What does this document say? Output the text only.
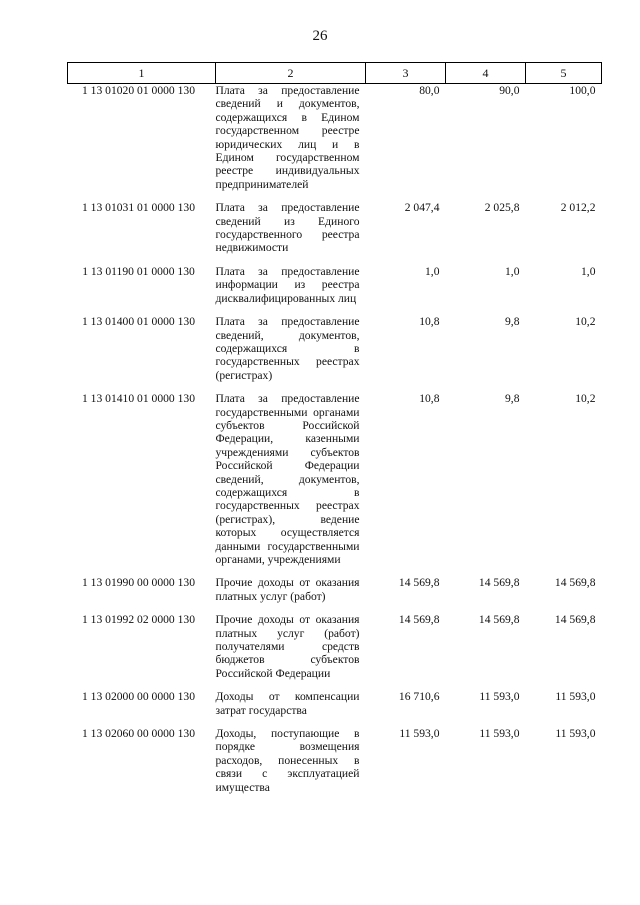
26
1	2	3	4	5
1 13 01020 01 0000 130	Плата за предоставление сведений и документов, содержащихся в Едином государственном реестре юридических лиц и в Едином государственном реестре индивидуальных предпринимателей	80,0	90,0	100,0
1 13 01031 01 0000 130	Плата за предоставление сведений из Единого государственного реестра недвижимости	2 047,4	2 025,8	2 012,2
1 13 01190 01 0000 130	Плата за предоставление информации из реестра дисквалифицированных лиц	1,0	1,0	1,0
1 13 01400 01 0000 130	Плата за предоставление сведений, документов, содержащихся в государственных реестрах (регистрах)	10,8	9,8	10,2
1 13 01410 01 0000 130	Плата за предоставление государственными органами субъектов Российской Федерации, казенными учреждениями субъектов Российской Федерации сведений, документов, содержащихся в государственных реестрах (регистрах), ведение которых осуществляется данными государственными органами, учреждениями	10,8	9,8	10,2
1 13 01990 00 0000 130	Прочие доходы от оказания платных услуг (работ)	14 569,8	14 569,8	14 569,8
1 13 01992 02 0000 130	Прочие доходы от оказания платных услуг (работ) получателями средств бюджетов субъектов Российской Федерации	14 569,8	14 569,8	14 569,8
1 13 02000 00 0000 130	Доходы от компенсации затрат государства	16 710,6	11 593,0	11 593,0
1 13 02060 00 0000 130	Доходы, поступающие в порядке возмещения расходов, понесенных в связи с эксплуатацией имущества	11 593,0	11 593,0	11 593,0
